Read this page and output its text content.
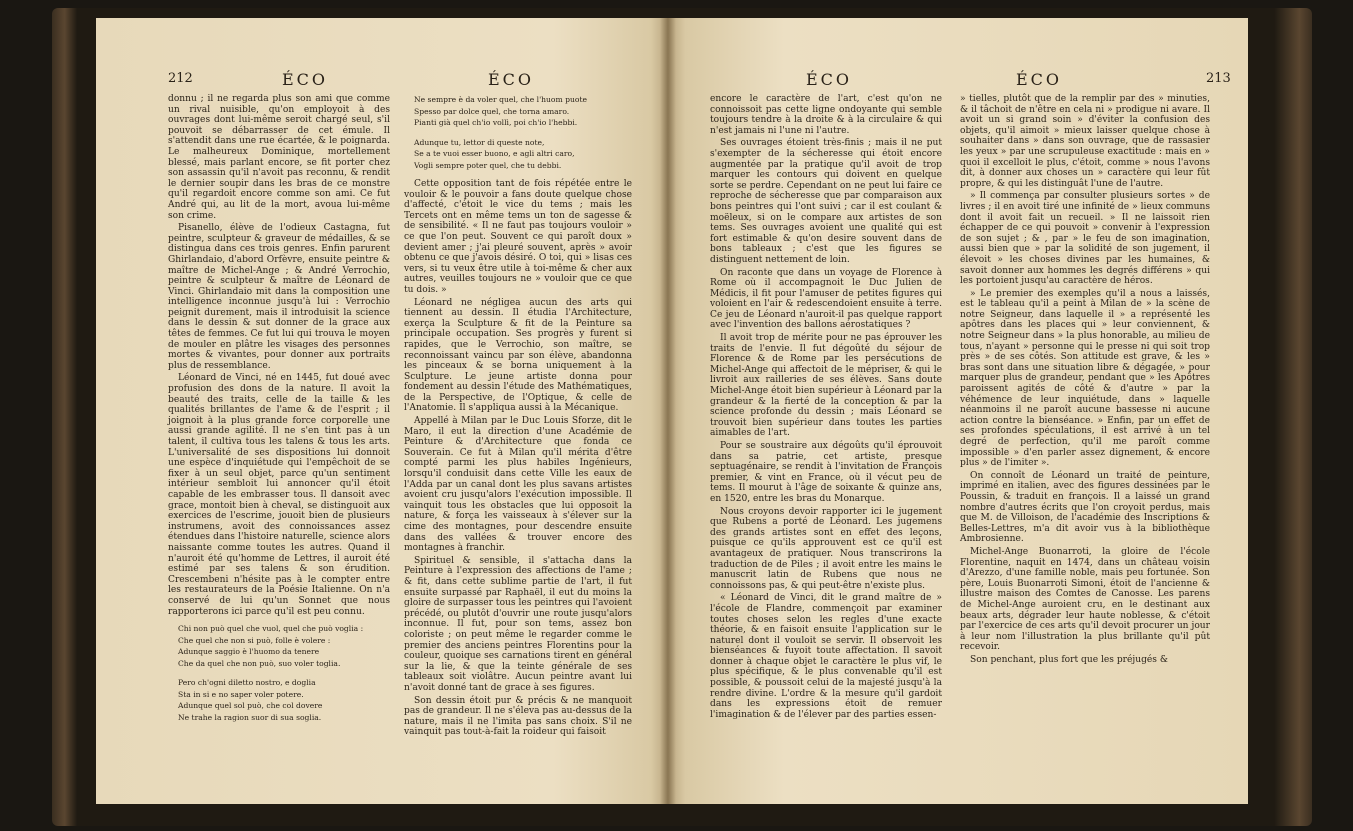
212	ÉCO	ÉCO

donnu ; il ne regarda plus son ami que comme un rival nuisible, qu'on employoit à des ouvrages dont lui-même seroit chargé seul, s'il pouvoit se débarrasser de cet émule. Il s'attendit dans une rue écartée, & le poignarda. Le malheureux Dominique, mortellement blessé, mais parlant encore, se fit porter chez son assassin qu'il n'avoit pas reconnu, & rendit le dernier soupir dans les bras de ce monstre qu'il regardoit encore comme son ami. Ce fut André qui, au lit de la mort, avoua lui-même son crime.

Pisanello, élève de l'odieux Castagna, fut peintre, sculpteur & graveur de médailles, & se distingua dans ces trois genres. Enfin parurent Ghirlandaio, d'abord Orfèvre, ensuite peintre & maître de Michel-Ange ; & André Verrochio, peintre & sculpteur & maître de Léonard de Vinci. Ghirlandaio mit dans la composition une intelligence inconnue jusqu'à lui : Verrochio peignit durement, mais il introduisit la science dans le dessin & sut donner de la grace aux têtes de femmes. Ce fut lui qui trouva le moyen de mouler en plâtre les visages des personnes mortes & vivantes, pour donner aux portraits plus de ressemblance.

Léonard de Vinci, né en 1445, fut doué avec profusion des dons de la nature. Il avoit la beauté des traits, celle de la taille & les qualités brillantes de l'ame & de l'esprit ; il joignoit à la plus grande force corporelle une aussi grande agilité. Il ne s'en tint pas à un talent, il cultiva tous les talens & tous les arts. L'universalité de ses dispositions lui donnoit une espèce d'inquiétude qui l'empêchoit de se fixer à un seul objet, parce qu'un sentiment intérieur sembloit lui annoncer qu'il étoit capable de les embrasser tous. Il dansoit avec grace, montoit bien à cheval, se distinguoit aux exercices de l'escrime, jouoit bien de plusieurs instrumens, avoit des connoissances assez étendues dans l'histoire naturelle, science alors naissante comme toutes les autres. Quand il n'auroit été qu'homme de Lettres, il auroit été estimé par ses talens & son érudition. Crescembeni n'hésite pas à le compter entre les restaurateurs de la Poésie Italienne. On n'a conservé de lui qu'un Sonnet que nous rapporterons ici parce qu'il est peu connu.

Chi non può quel che vuol, quel che può voglia :
Che quel che non si può, folle è volere :
Adunque saggio è l'huomo da tenere
Che da quel che non può, suo voler toglia.
Pero ch'ogni diletto nostro, e doglia
Sta in si e no saper voler potere.
Adunque quel sol può, che col dovere
Ne trahe la ragion suor di sua soglia.
Ne sempre è da voler quel, che l'huom puote
Spesso par dolce quel, che torna amaro.
Pianti già quel ch'io vollì, poi ch'io l'hebbi.
Adunque tu, lettor di queste note,
Se a te vuoi esser buono, e agli altri caro,
Vogli sempre poter quel, che tu debbi.

Cette opposition tant de fois répétée entre le vouloir & le pouvoir a fans doute quelque chose d'affecté, c'étoit le vice du tems ; mais les Tercets ont en même tems un ton de sagesse & de sensibilité. « Il ne faut pas toujours vouloir » ce que l'on peut. Souvent ce qui paroît doux » devient amer ; j'ai pleuré souvent, après » avoir obtenu ce que j'avois désiré. O toi, qui » lisas ces vers, si tu veux être utile à toi-même & cher aux autres, veuilles toujours ne » vouloir que ce que tu dois. »

Léonard ne négligea aucun des arts qui tiennent au dessin. Il étudia l'Architecture, exerça la Sculpture & fit de la Peinture sa principale occupation. Ses progrès y furent si rapides, que le Verrochio, son maître, se reconnoissant vaincu par son élève, abandonna les pinceaux & se borna uniquement à la Sculpture. Le jeune artiste donna pour fondement au dessin l'étude des Mathématiques, de la Perspective, de l'Optique, & celle de l'Anatomie. Il s'appliqua aussi à la Mécanique.

Appellé à Milan par le Duc Louis Sforze, dit le Maro, il eut la direction d'une Académie de Peinture & d'Architecture que fonda ce Souverain. Ce fut à Milan qu'il mérita d'être compté parmi les plus habiles Ingénieurs, lorsqu'il conduisit dans cette Ville les eaux de l'Adda par un canal dont les plus savans artistes avoient cru jusqu'alors l'exécution impossible. Il vainquit tous les obstacles que lui opposoit la nature, & força les vaisseaux à s'élever sur la cime des montagnes, pour descendre ensuite dans des vallées & trouver encore des montagnes à franchir.

Spirituel & sensible, il s'attacha dans la Peinture à l'expression des affections de l'ame ; & fit, dans cette sublime partie de l'art, il fut ensuite surpassé par Raphaël, il eut du moins la gloire de surpasser tous les peintres qui l'avoient précédé, ou plutôt d'ouvrir une route jusqu'alors inconnue. Il fut, pour son tems, assez bon coloriste ; on peut même le regarder comme le premier des anciens peintres Florentins pour la couleur, quoique ses carnations tirent en général sur la lie, & que la teinte générale de ses tableaux soit violâtre. Aucun peintre avant lui n'avoit donné tant de grace à ses figures.

Son dessin étoit pur & précis & ne manquoit pas de grandeur. Il ne s'éleva pas au-dessus de la nature, mais il ne l'imita pas sans choix. S'il ne vainquit pas tout-à-fait la roideur qui faisoit

ÉCO	ÉCO	213

encore le caractère de l'art, c'est qu'on ne connoissoit pas cette ligne ondoyante qui semble toujours tendre à la droite & à la circulaire & qui n'est jamais ni l'une ni l'autre.

Ses ouvrages étoient très-finis ; mais il ne put s'exempter de la sécheresse qui étoit encore augmentée par la pratique qu'il avoit de trop marquer les contours qui doivent en quelque sorte se perdre. Cependant on ne peut lui faire ce reproche de sécheresse que par comparaison aux bons peintres qui l'ont suivi ; car il est coulant & moëleux, si on le compare aux artistes de son tems. Ses ouvrages avoient une qualité qui est fort estimable & qu'on desire souvent dans de bons tableaux ; c'est que les figures se distinguent nettement de loin.

On raconte que dans un voyage de Florence à Rome où il accompagnoit le Duc Julien de Médicis, il fit pour l'amuser de petites figures qui voloient en l'air & redescendoient ensuite à terre. Ce jeu de Léonard n'auroit-il pas quelque rapport avec l'invention des ballons aérostatiques ?

Il avoit trop de mérite pour ne pas éprouver les traits de l'envie. Il fut dégoûté du séjour de Florence & de Rome par les persécutions de Michel-Ange qui affectoit de le mépriser, & qui le livroit aux railleries de ses élèves. Sans doute Michel-Ange étoit bien supérieur à Léonard par la grandeur & la fierté de la conception & par la science profonde du dessin ; mais Léonard se trouvoit bien supérieur dans toutes les parties aimables de l'art.

Pour se soustraire aux dégoûts qu'il éprouvoit dans sa patrie, cet artiste, presque septuagénaire, se rendit à l'invitation de François premier, & vint en France, où il vécut peu de tems. Il mourut à l'âge de soixante & quinze ans, en 1520, entre les bras du Monarque.

Nous croyons devoir rapporter ici le jugement que Rubens a porté de Léonard. Les jugemens des grands artistes sont en effet des leçons, puisque ce qu'ils approuvent est ce qu'il est avantageux de pratiquer. Nous transcrirons la traduction de de Piles ; il avoit entre les mains le manuscrit latin de Rubens que nous ne connoissons pas, & qui peut-être n'existe plus.

« Léonard de Vinci, dit le grand maître de » l'école de Flandre, commençoit par examiner toutes choses selon les regles d'une exacte théorie, & en faisoit ensuite l'application sur le naturel dont il vouloit se servir. Il observoit les bienséances & fuyoit toute affectation. Il savoit donner à chaque objet le caractère le plus vif, le plus spécifique, & le plus convenable qu'il est possible, & poussoit celui de la majesté jusqu'à la rendre divine. L'ordre & la mesure qu'il gardoit dans les expressions étoit de remuer l'imagination & de l'élever par des parties essen-

» tielles, plutôt que de la remplir par des » minuties, & il tâchoit de n'être en cela ni » prodigue ni avare. Il avoit un si grand soin » d'éviter la confusion des objets, qu'il aimoit » mieux laisser quelque chose à souhaiter dans » dans son ouvrage, que de rassasier les yeux » par une scrupuleuse exactitude : mais en » quoi il excelloit le plus, c'étoit, comme » nous l'avons dit, à donner aux choses un » caractère qui leur fût propre, & qui les distinguât l'une de l'autre.

» Il commença par consulter plusieurs sortes » de livres ; il en avoit tiré une infinité de » lieux communs dont il avoit fait un recueil. » Il ne laissoit rien échapper de ce qui pouvoit » convenir à l'expression de son sujet ; & , par » le feu de son imagination, aussi bien que » par la solidité de son jugement, il élevoit » les choses divines par les humaines, & savoit donner aux hommes les degrés différens » qui les portoient jusqu'au caractère de héros.

» Le premier des exemples qu'il a nous a laissés, est le tableau qu'il a peint à Milan de » la scène de notre Seigneur, dans laquelle il » a représenté les apôtres dans les places qui » leur conviennent, & notre Seigneur dans » la plus honorable, au milieu de tous, n'ayant » personne qui le presse ni qui soit trop près » de ses côtés. Son attitude est grave, & les » bras sont dans une situation libre & dégagée, » pour marquer plus de grandeur, pendant que » les Apôtres paroissent agités de côté & d'autre » par la véhémence de leur inquiétude, dans » laquelle néanmoins il ne paroît aucune bassesse ni aucune action contre la bienséance. » Enfin, par un effet de ses profondes spéculations, il est arrivé à un tel degré de perfection, qu'il me paroît comme impossible » d'en parler assez dignement, & encore plus » de l'imiter ».

On connoît de Léonard un traité de peinture, imprimé en italien, avec des figures dessinées par le Poussin, & traduit en françois. Il a laissé un grand nombre d'autres écrits que l'on croyoit perdus, mais que M. de Villoison, de l'académie des Inscriptions & Belles-Lettres, m'a dit avoir vus à la bibliothèque Ambrosienne.

Michel-Ange Buonarroti, la gloire de l'école Florentine, naquit en 1474, dans un château voisin d'Arezzo, d'une famille noble, mais peu fortunée. Son père, Louis Buonarroti Simoni, étoit de l'ancienne & illustre maison des Comtes de Canosse. Les parens de Michel-Ange auroient cru, en le destinant aux beaux arts, dégrader leur haute noblesse, & c'étoit par l'exercice de ces arts qu'il devoit procurer un jour à leur nom l'illustration la plus brillante qu'il pût recevoir.

Son penchant, plus fort que les préjugés &
